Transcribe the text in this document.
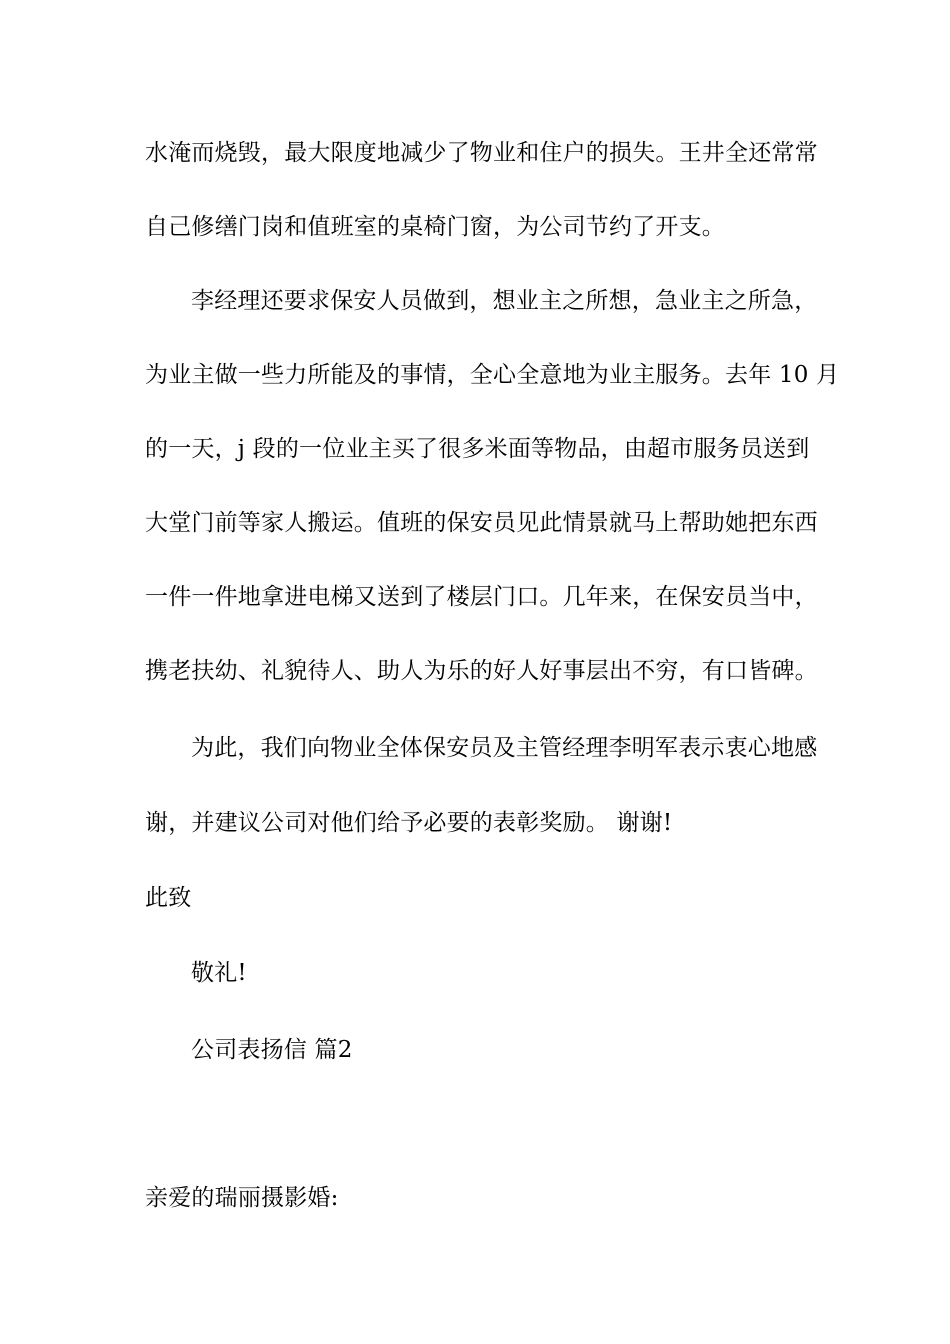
水淹而烧毁，最大限度地减少了物业和住户的损失。王井全还常常
自己修缮门岗和值班室的桌椅门窗，为公司节约了开支。
李经理还要求保安人员做到，想业主之所想，急业主之所急，
为业主做一些力所能及的事情，全心全意地为业主服务。去年 10 月
的一天，j 段的一位业主买了很多米面等物品，由超市服务员送到
大堂门前等家人搬运。值班的保安员见此情景就马上帮助她把东西
一件一件地拿进电梯又送到了楼层门口。几年来，在保安员当中，
携老扶幼、礼貌待人、助人为乐的好人好事层出不穷，有口皆碑。
为此，我们向物业全体保安员及主管经理李明军表示衷心地感
谢，并建议公司对他们给予必要的表彰奖励。 谢谢!
此致
敬礼!
公司表扬信 篇2
亲爱的瑞丽摄影婚:
